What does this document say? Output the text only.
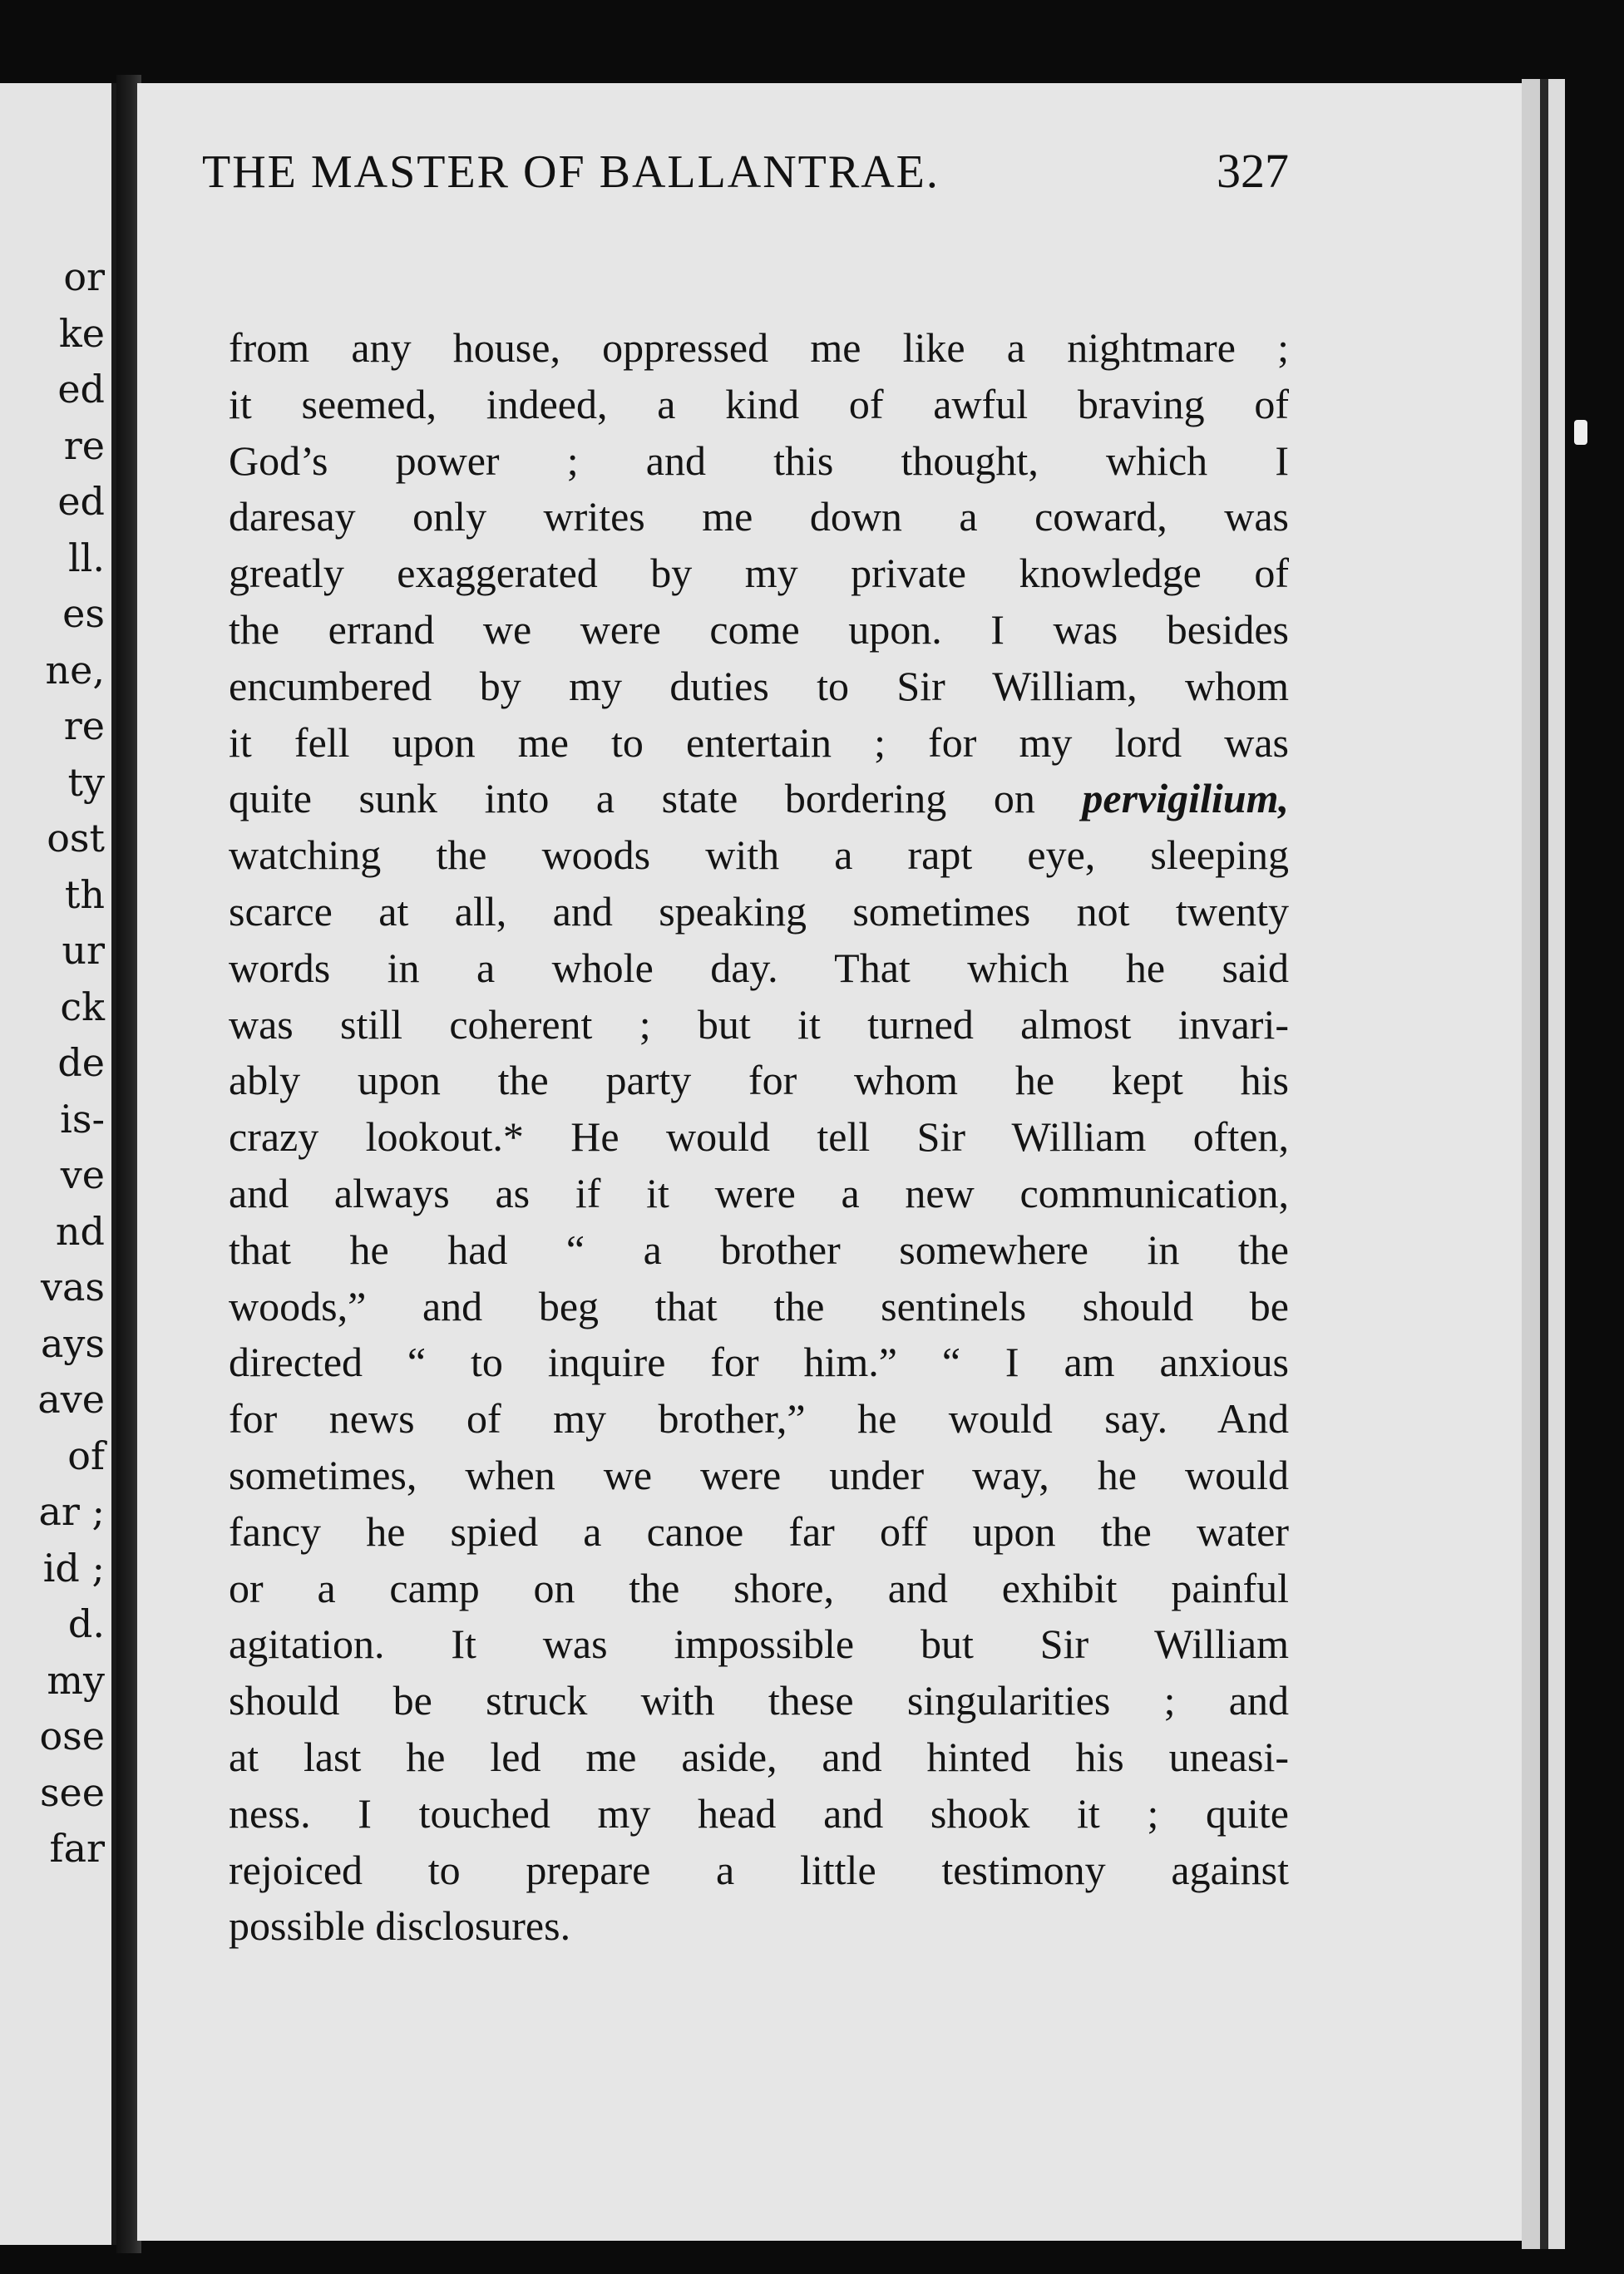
or
ke
ed
re
ed
ll.
es
ne,
re
ty
ost
th
ur
ck
de
is-
ve
nd
vas
ays
ave
of
ar ;
id ;
d.
my
ose
see
far
THE MASTER OF BALLANTRAE.	327
from any house, oppressed me like a nightmare ;
it seemed, indeed, a kind of awful braving of
God’s power ; and this thought, which I
daresay only writes me down a coward, was
greatly exaggerated by my private knowledge of
the errand we were come upon. I was besides
encumbered by my duties to Sir William, whom
it fell upon me to entertain ; for my lord was
quite sunk into a state bordering on pervigilium,
watching the woods with a rapt eye, sleeping
scarce at all, and speaking sometimes not twenty
words in a whole day. That which he said
was still coherent ; but it turned almost invari-
ably upon the party for whom he kept his
crazy lookout.* He would tell Sir William often,
and always as if it were a new communication,
that he had “ a brother somewhere in the
woods,” and beg that the sentinels should be
directed “ to inquire for him.” “ I am anxious
for news of my brother,” he would say. And
sometimes, when we were under way, he would
fancy he spied a canoe far off upon the water
or a camp on the shore, and exhibit painful
agitation. It was impossible but Sir William
should be struck with these singularities ; and
at last he led me aside, and hinted his uneasi-
ness. I touched my head and shook it ; quite
rejoiced to prepare a little testimony against
possible disclosures.
